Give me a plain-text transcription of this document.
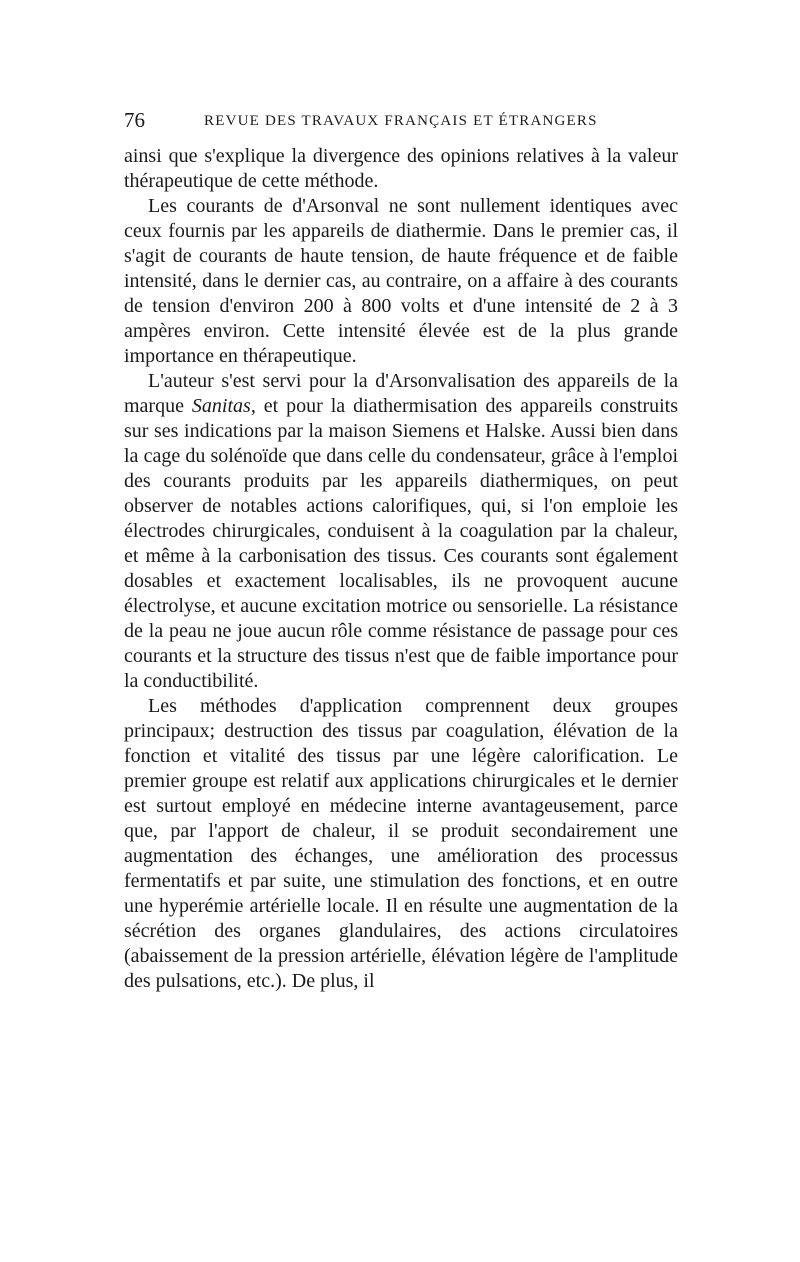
76	REVUE DES TRAVAUX FRANÇAIS ET ÉTRANGERS

ainsi que s'explique la divergence des opinions relatives à la valeur thérapeutique de cette méthode.

Les courants de d'Arsonval ne sont nullement identiques avec ceux fournis par les appareils de diathermie. Dans le premier cas, il s'agit de courants de haute tension, de haute fréquence et de faible intensité, dans le dernier cas, au contraire, on a affaire à des courants de tension d'environ 200 à 800 volts et d'une intensité de 2 à 3 ampères environ. Cette intensité élevée est de la plus grande importance en thérapeutique.

L'auteur s'est servi pour la d'Arsonvalisation des appareils de la marque Sanitas, et pour la diathermisation des appareils construits sur ses indications par la maison Siemens et Halske. Aussi bien dans la cage du solénoïde que dans celle du condensateur, grâce à l'emploi des courants produits par les appareils diathermiques, on peut observer de notables actions calorifiques, qui, si l'on emploie les électrodes chirurgicales, conduisent à la coagulation par la chaleur, et même à la carbonisation des tissus. Ces courants sont également dosables et exactement localisables, ils ne provoquent aucune électrolyse, et aucune excitation motrice ou sensorielle. La résistance de la peau ne joue aucun rôle comme résistance de passage pour ces courants et la structure des tissus n'est que de faible importance pour la conductibilité.

Les méthodes d'application comprennent deux groupes principaux; destruction des tissus par coagulation, élévation de la fonction et vitalité des tissus par une légère calorification. Le premier groupe est relatif aux applications chirurgicales et le dernier est surtout employé en médecine interne avantageusement, parce que, par l'apport de chaleur, il se produit secondairement une augmentation des échanges, une amélioration des processus fermentatifs et par suite, une stimulation des fonctions, et en outre une hyperémie artérielle locale. Il en résulte une augmentation de la sécrétion des organes glandulaires, des actions circulatoires (abaissement de la pression artérielle, élévation légère de l'amplitude des pulsations, etc.). De plus, il
